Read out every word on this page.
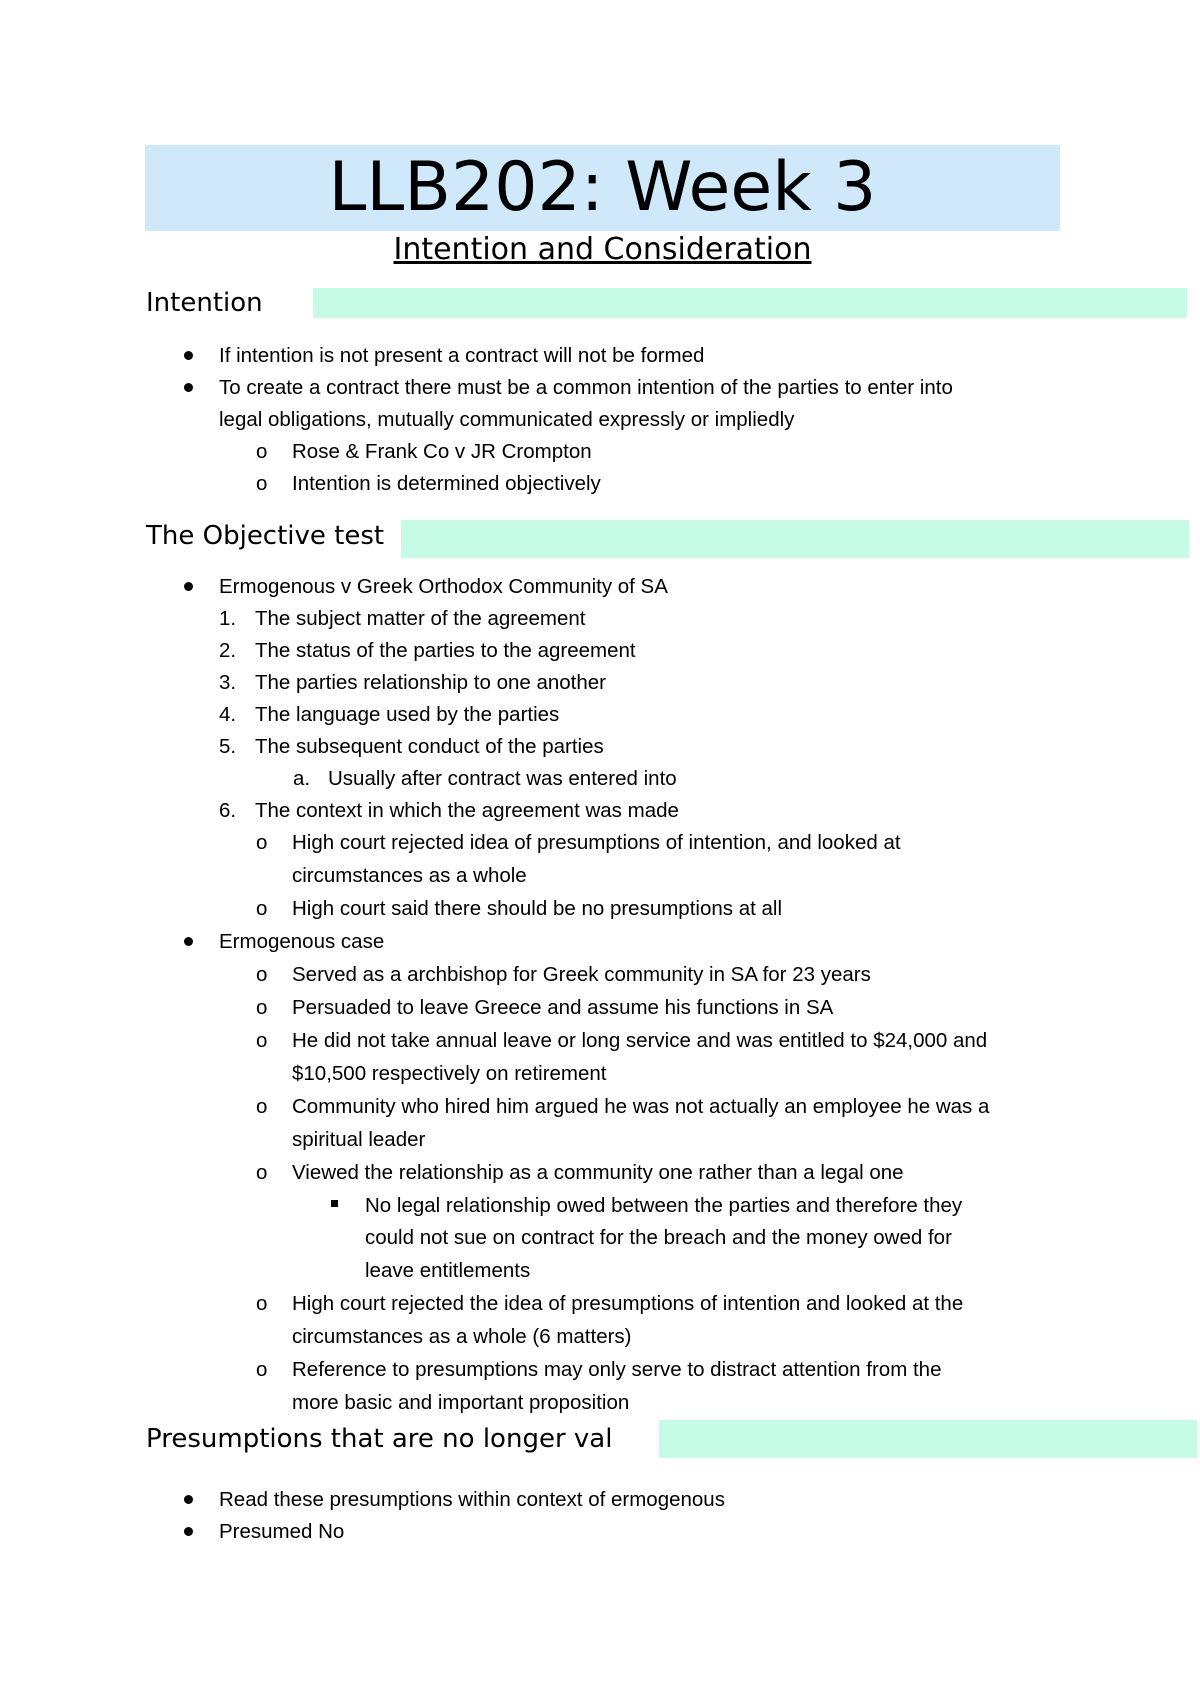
LLB202: Week 3
Intention and Consideration
Intention
If intention is not present a contract will not be formed
To create a contract there must be a common intention of the parties to enter into
legal obligations, mutually communicated expressly or impliedly
o Rose & Frank Co v JR Crompton
o Intention is determined objectively
The Objective test
Ermogenous v Greek Orthodox Community of SA
1. The subject matter of the agreement
2. The status of the parties to the agreement
3. The parties relationship to one another
4. The language used by the parties
5. The subsequent conduct of the parties
a. Usually after contract was entered into
6. The context in which the agreement was made
o High court rejected idea of presumptions of intention, and looked at
circumstances as a whole
o High court said there should be no presumptions at all
Ermogenous case
o Served as a archbishop for Greek community in SA for 23 years
o Persuaded to leave Greece and assume his functions in SA
o He did not take annual leave or long service and was entitled to $24,000 and
$10,500 respectively on retirement
o Community who hired him argued he was not actually an employee he was a
spiritual leader
o Viewed the relationship as a community one rather than a legal one
No legal relationship owed between the parties and therefore they
could not sue on contract for the breach and the money owed for
leave entitlements
o High court rejected the idea of presumptions of intention and looked at the
circumstances as a whole (6 matters)
o Reference to presumptions may only serve to distract attention from the
more basic and important proposition
Presumptions that are no longer val
Read these presumptions within context of ermogenous
Presumed No
